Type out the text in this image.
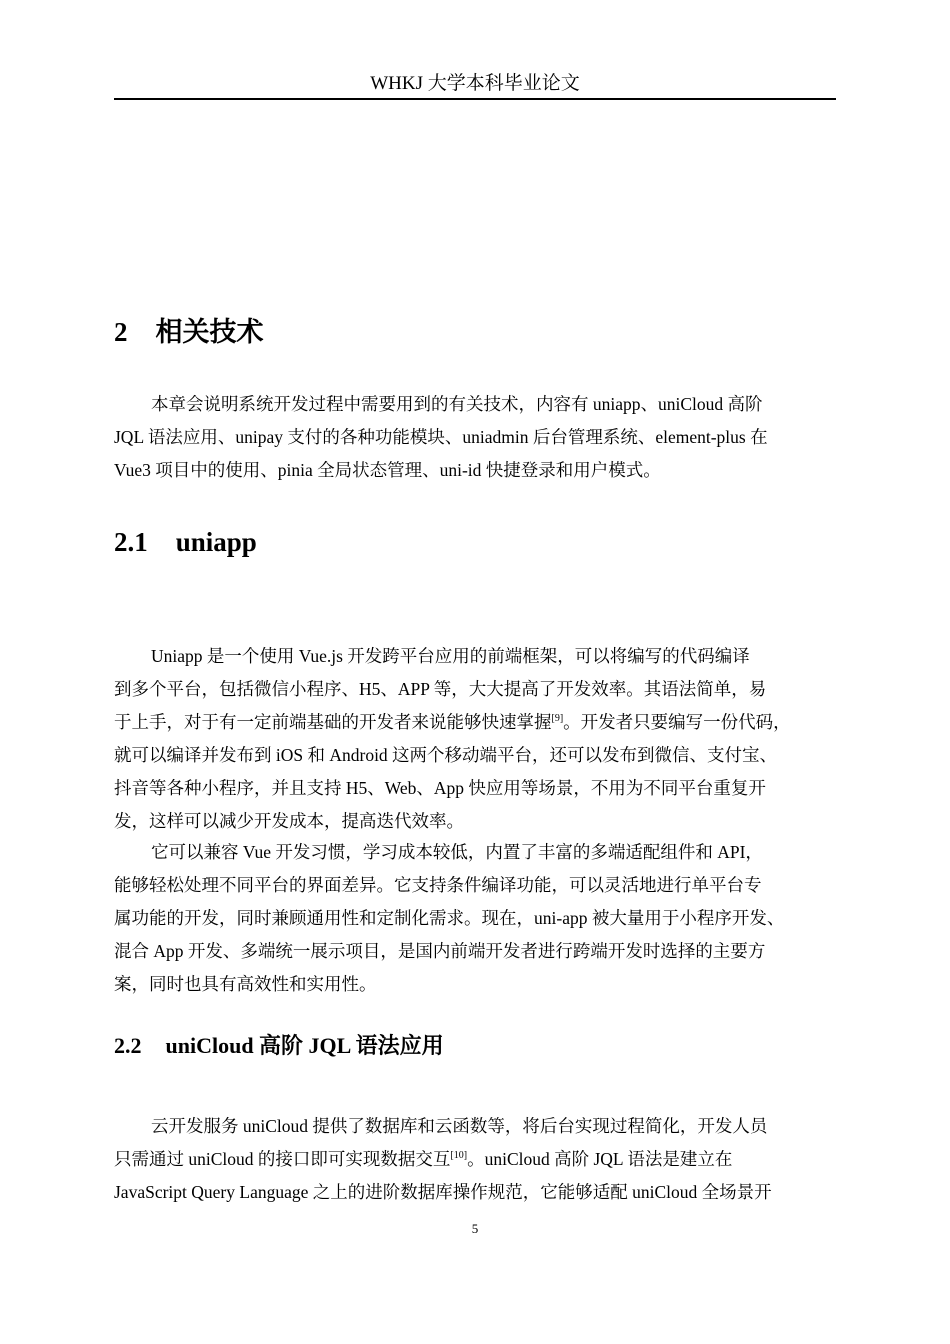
WHKJ 大学本科毕业论文
2 相关技术

本章会说明系统开发过程中需要用到的有关技术，内容有 uniapp、uniCloud 高阶
JQL 语法应用、unipay 支付的各种功能模块、uniadmin 后台管理系统、element-plus 在
Vue3 项目中的使用、pinia 全局状态管理、uni-id 快捷登录和用户模式。

2.1 uniapp

Uniapp 是一个使用 Vue.js 开发跨平台应用的前端框架，可以将编写的代码编译
到多个平台，包括微信小程序、H5、APP 等，大大提高了开发效率。其语法简单，易
于上手，对于有一定前端基础的开发者来说能够快速掌握[9]。开发者只要编写一份代码，
就可以编译并发布到 iOS 和 Android 这两个移动端平台，还可以发布到微信、支付宝、
抖音等各种小程序，并且支持 H5、Web、App 快应用等场景，不用为不同平台重复开
发，这样可以减少开发成本，提高迭代效率。

它可以兼容 Vue 开发习惯，学习成本较低，内置了丰富的多端适配组件和 API，
能够轻松处理不同平台的界面差异。它支持条件编译功能，可以灵活地进行单平台专
属功能的开发，同时兼顾通用性和定制化需求。现在，uni-app 被大量用于小程序开发、
混合 App 开发、多端统一展示项目，是国内前端开发者进行跨端开发时选择的主要方
案，同时也具有高效性和实用性。

2.2 uniCloud 高阶 JQL 语法应用

云开发服务 uniCloud 提供了数据库和云函数等，将后台实现过程简化，开发人员
只需通过 uniCloud 的接口即可实现数据交互[10]。uniCloud 高阶 JQL 语法是建立在
JavaScript Query Language 之上的进阶数据库操作规范，它能够适配 uniCloud 全场景开

5
